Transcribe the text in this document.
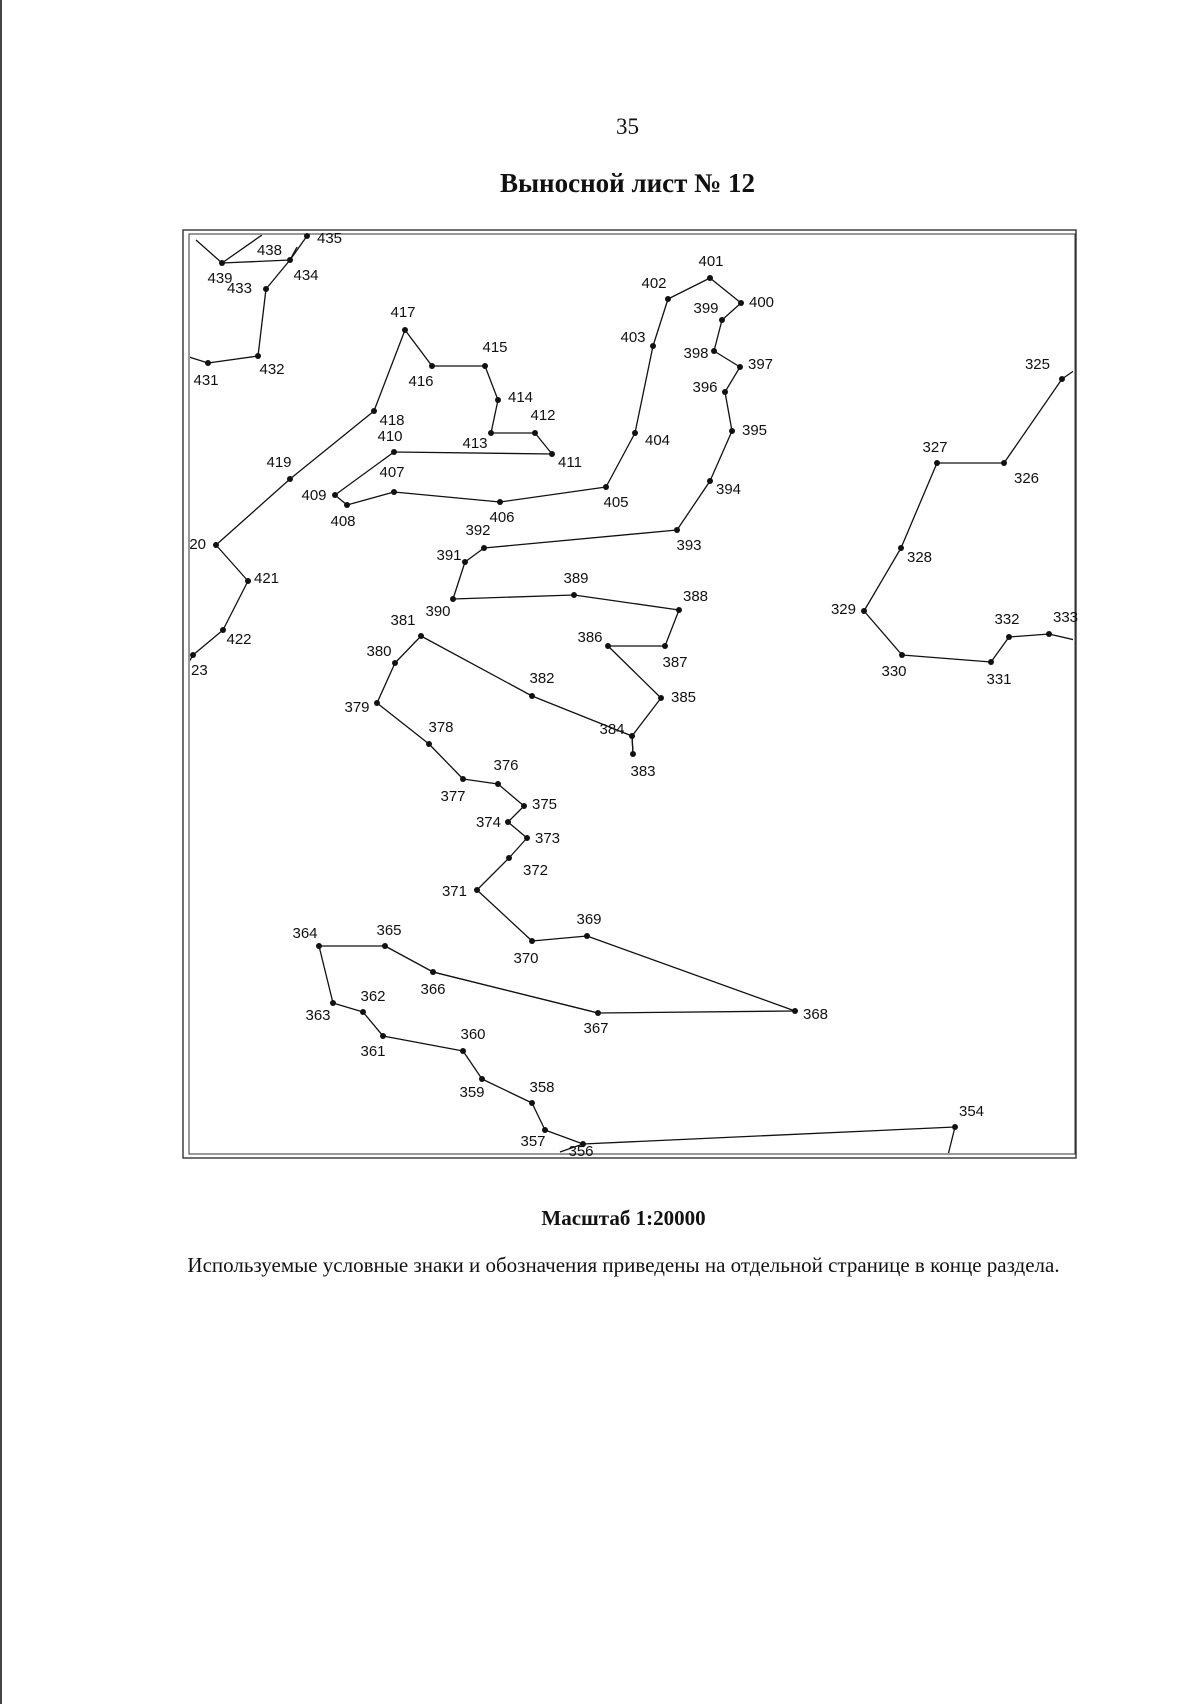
35
Выносной лист № 12
325
326
327
328
329
330	331
332 333
354
356
357
358
359
360
361
362
363
364	365
366
367
368
369
370
371
372
373
374
375
376
377
378
379
380
381
382
383
384
385
386
387
388
389
390
391
392
393
394
395
396
397
398
399 400
401
402
403
404
405
406
407
408
409
410
411
412
413
414
415
416
417
418
419
20
421
422
23
431
432
433
434
435
438
439
Масштаб 1:20000
Используемые условные знаки и обозначения приведены на отдельной странице в конце раздела.
